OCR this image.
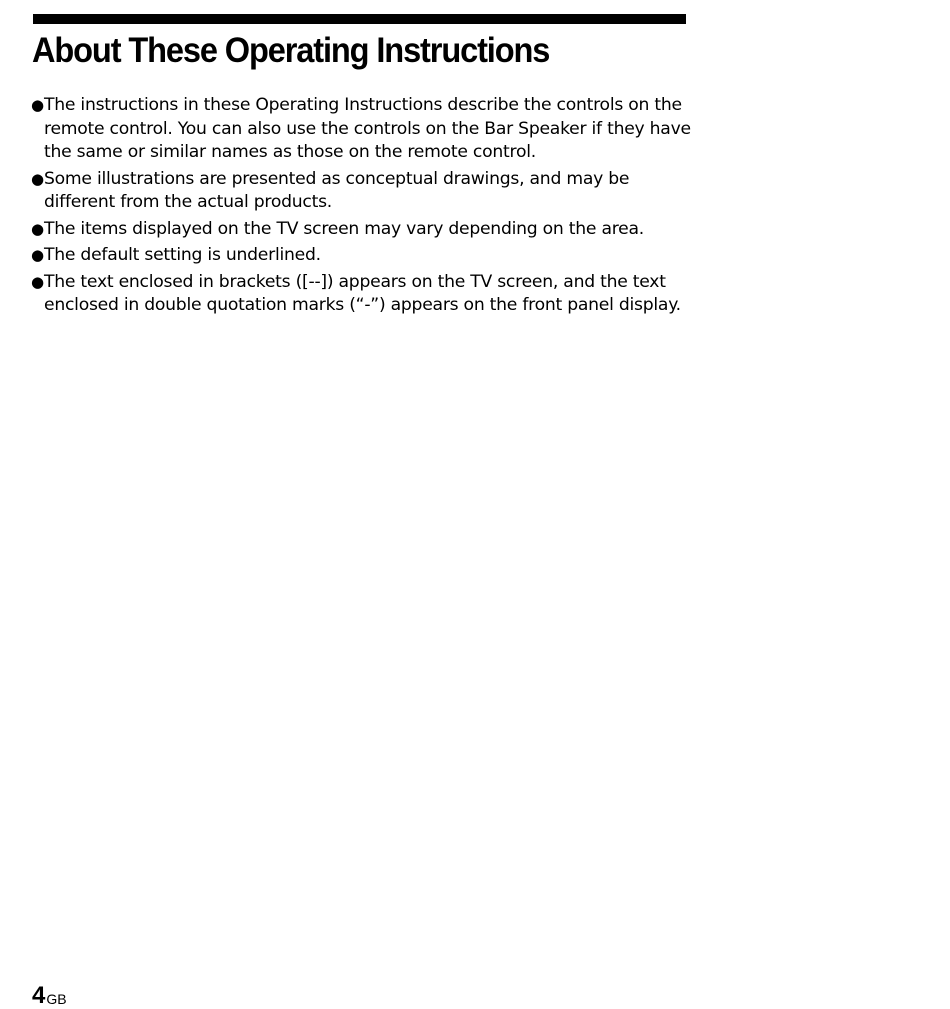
About These Operating Instructions
● The instructions in these Operating Instructions describe the controls on the remote control. You can also use the controls on the Bar Speaker if they have the same or similar names as those on the remote control.
● Some illustrations are presented as conceptual drawings, and may be different from the actual products.
● The items displayed on the TV screen may vary depending on the area.
● The default setting is underlined.
● The text enclosed in brackets ([--]) appears on the TV screen, and the text enclosed in double quotation marks (“-”) appears on the front panel display.
$4^{GB}$
